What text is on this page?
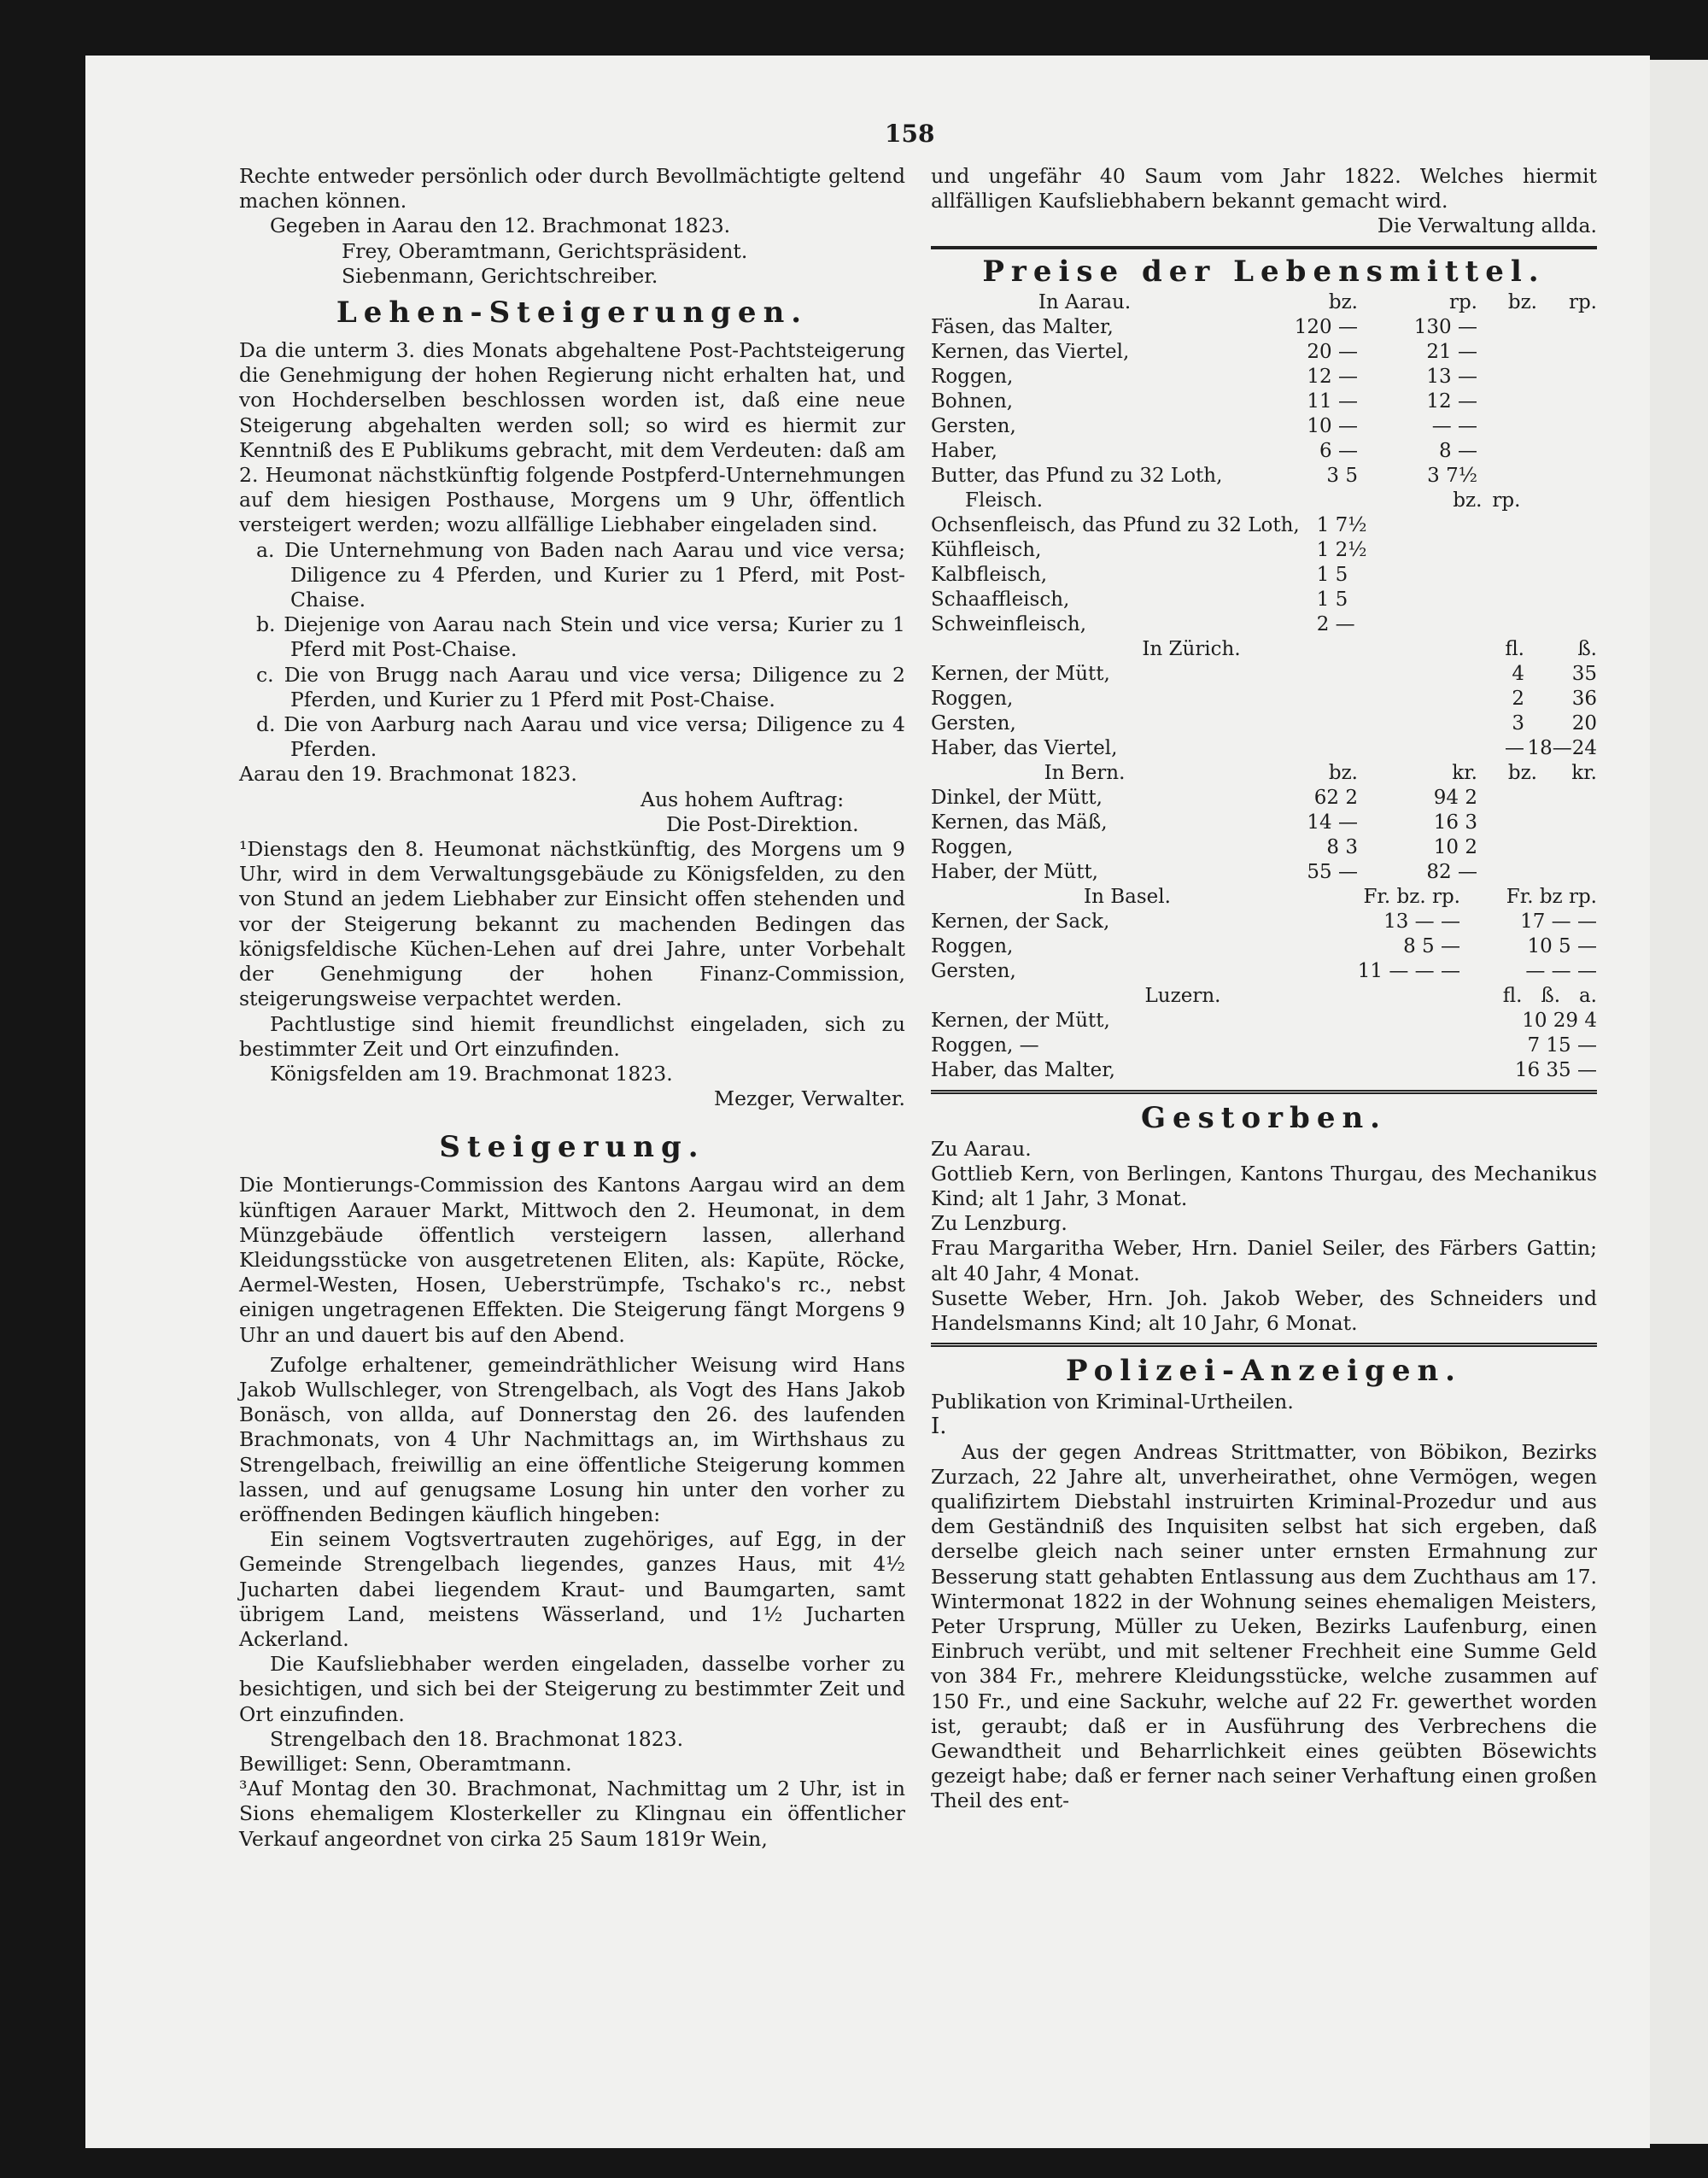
158

Rechte entweder persönlich oder durch Bevollmächtigte geltend machen können.

Gegeben in Aarau den 12. Brachmonat 1823.

Frey, Oberamtmann, Gerichtspräsident.

Siebenmann, Gerichtschreiber.

Lehen-Steigerungen.

Da die unterm 3. dies Monats abgehaltene Post-Pachtsteigerung die Genehmigung der hohen Regierung nicht erhalten hat, und von Hochderselben beschlossen worden ist, daß eine neue Steigerung abgehalten werden soll; so wird es hiermit zur Kenntniß des E Publikums gebracht, mit dem Verdeuten: daß am 2. Heumonat nächstkünftig folgende Postpferd-Unternehmungen auf dem hiesigen Posthause, Morgens um 9 Uhr, öffentlich versteigert werden; wozu allfällige Liebhaber eingeladen sind.

a. Die Unternehmung von Baden nach Aarau und vice versa; Diligence zu 4 Pferden, und Kurier zu 1 Pferd, mit Post-Chaise.

b. Diejenige von Aarau nach Stein und vice versa; Kurier zu 1 Pferd mit Post-Chaise.

c. Die von Brugg nach Aarau und vice versa; Diligence zu 2 Pferden, und Kurier zu 1 Pferd mit Post-Chaise.

d. Die von Aarburg nach Aarau und vice versa; Diligence zu 4 Pferden.

Aarau den 19. Brachmonat 1823.

Aus hohem Auftrag:

Die Post-Direktion.

¹Dienstags den 8. Heumonat nächstkünftig, des Morgens um 9 Uhr, wird in dem Verwaltungsgebäude zu Königsfelden, zu den von Stund an jedem Liebhaber zur Einsicht offen stehenden und vor der Steigerung bekannt zu machenden Bedingen das königsfeldische Küchen-Lehen auf drei Jahre, unter Vorbehalt der Genehmigung der hohen Finanz-Commission, steigerungsweise verpachtet werden.

Pachtlustige sind hiemit freundlichst eingeladen, sich zu bestimmter Zeit und Ort einzufinden.

Königsfelden am 19. Brachmonat 1823.

Mezger, Verwalter.

Steigerung.

Die Montierungs-Commission des Kantons Aargau wird an dem künftigen Aarauer Markt, Mittwoch den 2. Heumonat, in dem Münzgebäude öffentlich versteigern lassen, allerhand Kleidungsstücke von ausgetretenen Eliten, als: Kapüte, Röcke, Aermel-Westen, Hosen, Ueberstrümpfe, Tschako's rc., nebst einigen ungetragenen Effekten. Die Steigerung fängt Morgens 9 Uhr an und dauert bis auf den Abend.

Zufolge erhaltener, gemeindräthlicher Weisung wird Hans Jakob Wullschleger, von Strengelbach, als Vogt des Hans Jakob Bonäsch, von allda, auf Donnerstag den 26. des laufenden Brachmonats, von 4 Uhr Nachmittags an, im Wirthshaus zu Strengelbach, freiwillig an eine öffentliche Steigerung kommen lassen, und auf genugsame Losung hin unter den vorher zu eröffnenden Bedingen käuflich hingeben:

Ein seinem Vogtsvertrauten zugehöriges, auf Egg, in der Gemeinde Strengelbach liegendes, ganzes Haus, mit 4½ Jucharten dabei liegendem Kraut- und Baumgarten, samt übrigem Land, meistens Wässerland, und 1½ Jucharten Ackerland.

Die Kaufsliebhaber werden eingeladen, dasselbe vorher zu besichtigen, und sich bei der Steigerung zu bestimmter Zeit und Ort einzufinden.

Strengelbach den 18. Brachmonat 1823.

Bewilliget: Senn, Oberamtmann.

³Auf Montag den 30. Brachmonat, Nachmittag um 2 Uhr, ist in Sions ehemaligem Klosterkeller zu Klingnau ein öffentlicher Verkauf angeordnet von cirka 25 Saum 1819r Wein,

und ungefähr 40 Saum vom Jahr 1822. Welches hiermit allfälligen Kaufsliebhabern bekannt gemacht wird.

Die Verwaltung allda.

Preise der Lebensmittel.
In Aarau.	bz.	rp.	bz.	rp.
Fäsen, das Malter,	120 —	130 —		
Kernen, das Viertel,	20 —	21 —		
Roggen,	12 —	13 —		
Bohnen,	11 —	12 —		
Gersten,	10 —	— —		
Haber,	6 —	8 —		
Butter, das Pfund zu 32 Loth,	3 5	3 7½		
Fleisch.	bz.	rp.
Ochsenfleisch, das Pfund zu 32 Loth,	1 7½	
Kühfleisch,	1 2½	
Kalbfleisch,	1 5	
Schaaffleisch,	1 5	
Schweinfleisch,	2 —	
In Zürich.	fl.	ß.
Kernen, der Mütt,	4	35
Roggen,	2	36
Gersten,	3	20
Haber, das Viertel,	—	18—24
In Bern.	bz.	kr.	bz.	kr.
Dinkel, der Mütt,	62 2	94 2		
Kernen, das Mäß,	14 —	16 3		
Roggen,	8 3	10 2		
Haber, der Mütt,	55 —	82 —		
In Basel.	Fr. bz. rp.	Fr. bz rp.
Kernen, der Sack,	13 — —	17 — —
Roggen,	8 5 —	10 5 —
Gersten,	11 — — —	— — —
Luzern.	fl. ß. a.
Kernen, der Mütt,	10 29 4
Roggen, —	7 15 —
Haber, das Malter,	16 35 —
Gestorben.

Zu Aarau.

Gottlieb Kern, von Berlingen, Kantons Thurgau, des Mechanikus Kind; alt 1 Jahr, 3 Monat.

Zu Lenzburg.

Frau Margaritha Weber, Hrn. Daniel Seiler, des Färbers Gattin; alt 40 Jahr, 4 Monat.

Susette Weber, Hrn. Joh. Jakob Weber, des Schneiders und Handelsmanns Kind; alt 10 Jahr, 6 Monat.

Polizei-Anzeigen.

Publikation von Kriminal-Urtheilen.

I.

Aus der gegen Andreas Strittmatter, von Böbikon, Bezirks Zurzach, 22 Jahre alt, unverheirathet, ohne Vermögen, wegen qualifizirtem Diebstahl instruirten Kriminal-Prozedur und aus dem Geständniß des Inquisiten selbst hat sich ergeben, daß derselbe gleich nach seiner unter ernsten Ermahnung zur Besserung statt gehabten Entlassung aus dem Zuchthaus am 17. Wintermonat 1822 in der Wohnung seines ehemaligen Meisters, Peter Ursprung, Müller zu Ueken, Bezirks Laufenburg, einen Einbruch verübt, und mit seltener Frechheit eine Summe Geld von 384 Fr., mehrere Kleidungsstücke, welche zusammen auf 150 Fr., und eine Sackuhr, welche auf 22 Fr. gewerthet worden ist, geraubt; daß er in Ausführung des Verbrechens die Gewandtheit und Beharrlichkeit eines geübten Bösewichts gezeigt habe; daß er ferner nach seiner Verhaftung einen großen Theil des ent-
